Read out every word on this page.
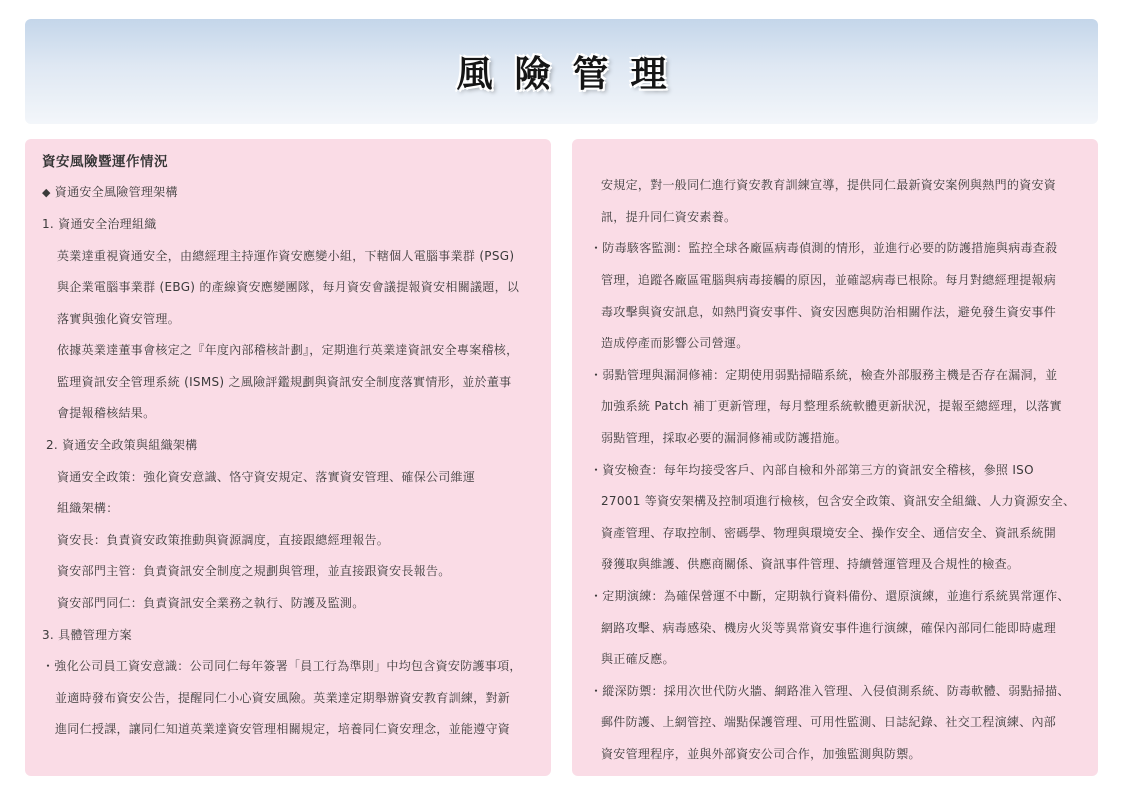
風險管理
資安風險暨運作情況
◆ 資通安全風險管理架構
1. 資通安全治理組織
英業達重視資通安全，由總經理主持運作資安應變小組，下轄個人電腦事業群 (PSG)
與企業電腦事業群 (EBG) 的產線資安應變團隊，每月資安會議提報資安相關議題，以
落實與強化資安管理。
依據英業達董事會核定之『年度內部稽核計劃』，定期進行英業達資訊安全專案稽核，
監理資訊安全管理系統 (ISMS) 之風險評鑑規劃與資訊安全制度落實情形，並於董事
會提報稽核結果。
2. 資通安全政策與組織架構
資通安全政策：強化資安意識、恪守資安規定、落實資安管理、確保公司維運
組織架構：
資安長：負責資安政策推動與資源調度，直接跟總經理報告。
資安部門主管：負責資訊安全制度之規劃與管理，並直接跟資安長報告。
資安部門同仁：負責資訊安全業務之執行、防護及監測。
3. 具體管理方案
・強化公司員工資安意識：公司同仁每年簽署「員工行為準則」中均包含資安防護事項，
並適時發布資安公告，提醒同仁小心資安風險。英業達定期舉辦資安教育訓練，對新
進同仁授課，讓同仁知道英業達資安管理相關規定，培養同仁資安理念，並能遵守資
安規定，對一般同仁進行資安教育訓練宣導，提供同仁最新資安案例與熱門的資安資
訊，提升同仁資安素養。
・防毒駭客監測：監控全球各廠區病毒偵測的情形，並進行必要的防護措施與病毒查殺
管理，追蹤各廠區電腦與病毒接觸的原因，並確認病毒已根除。每月對總經理提報病
毒攻擊與資安訊息，如熱門資安事件、資安因應與防治相關作法，避免發生資安事件
造成停產而影響公司營運。
・弱點管理與漏洞修補：定期使用弱點掃瞄系統，檢查外部服務主機是否存在漏洞，並
加強系統 Patch 補丁更新管理，每月整理系統軟體更新狀況，提報至總經理，以落實
弱點管理，採取必要的漏洞修補或防護措施。
・資安檢查：每年均接受客戶、內部自檢和外部第三方的資訊安全稽核，參照 ISO
27001 等資安架構及控制項進行檢核，包含安全政策、資訊安全組織、人力資源安全、
資產管理、存取控制、密碼學、物理與環境安全、操作安全、通信安全、資訊系統開
發獲取與維護、供應商關係、資訊事件管理、持續營運管理及合規性的檢查。
・定期演練：為確保營運不中斷，定期執行資料備份、還原演練，並進行系統異常運作、
網路攻擊、病毒感染、機房火災等異常資安事件進行演練，確保內部同仁能即時處理
與正確反應。
・縱深防禦：採用次世代防火牆、網路准入管理、入侵偵測系統、防毒軟體、弱點掃描、
郵件防護、上網管控、端點保護管理、可用性監測、日誌紀錄、社交工程演練、內部
資安管理程序，並與外部資安公司合作，加強監測與防禦。
